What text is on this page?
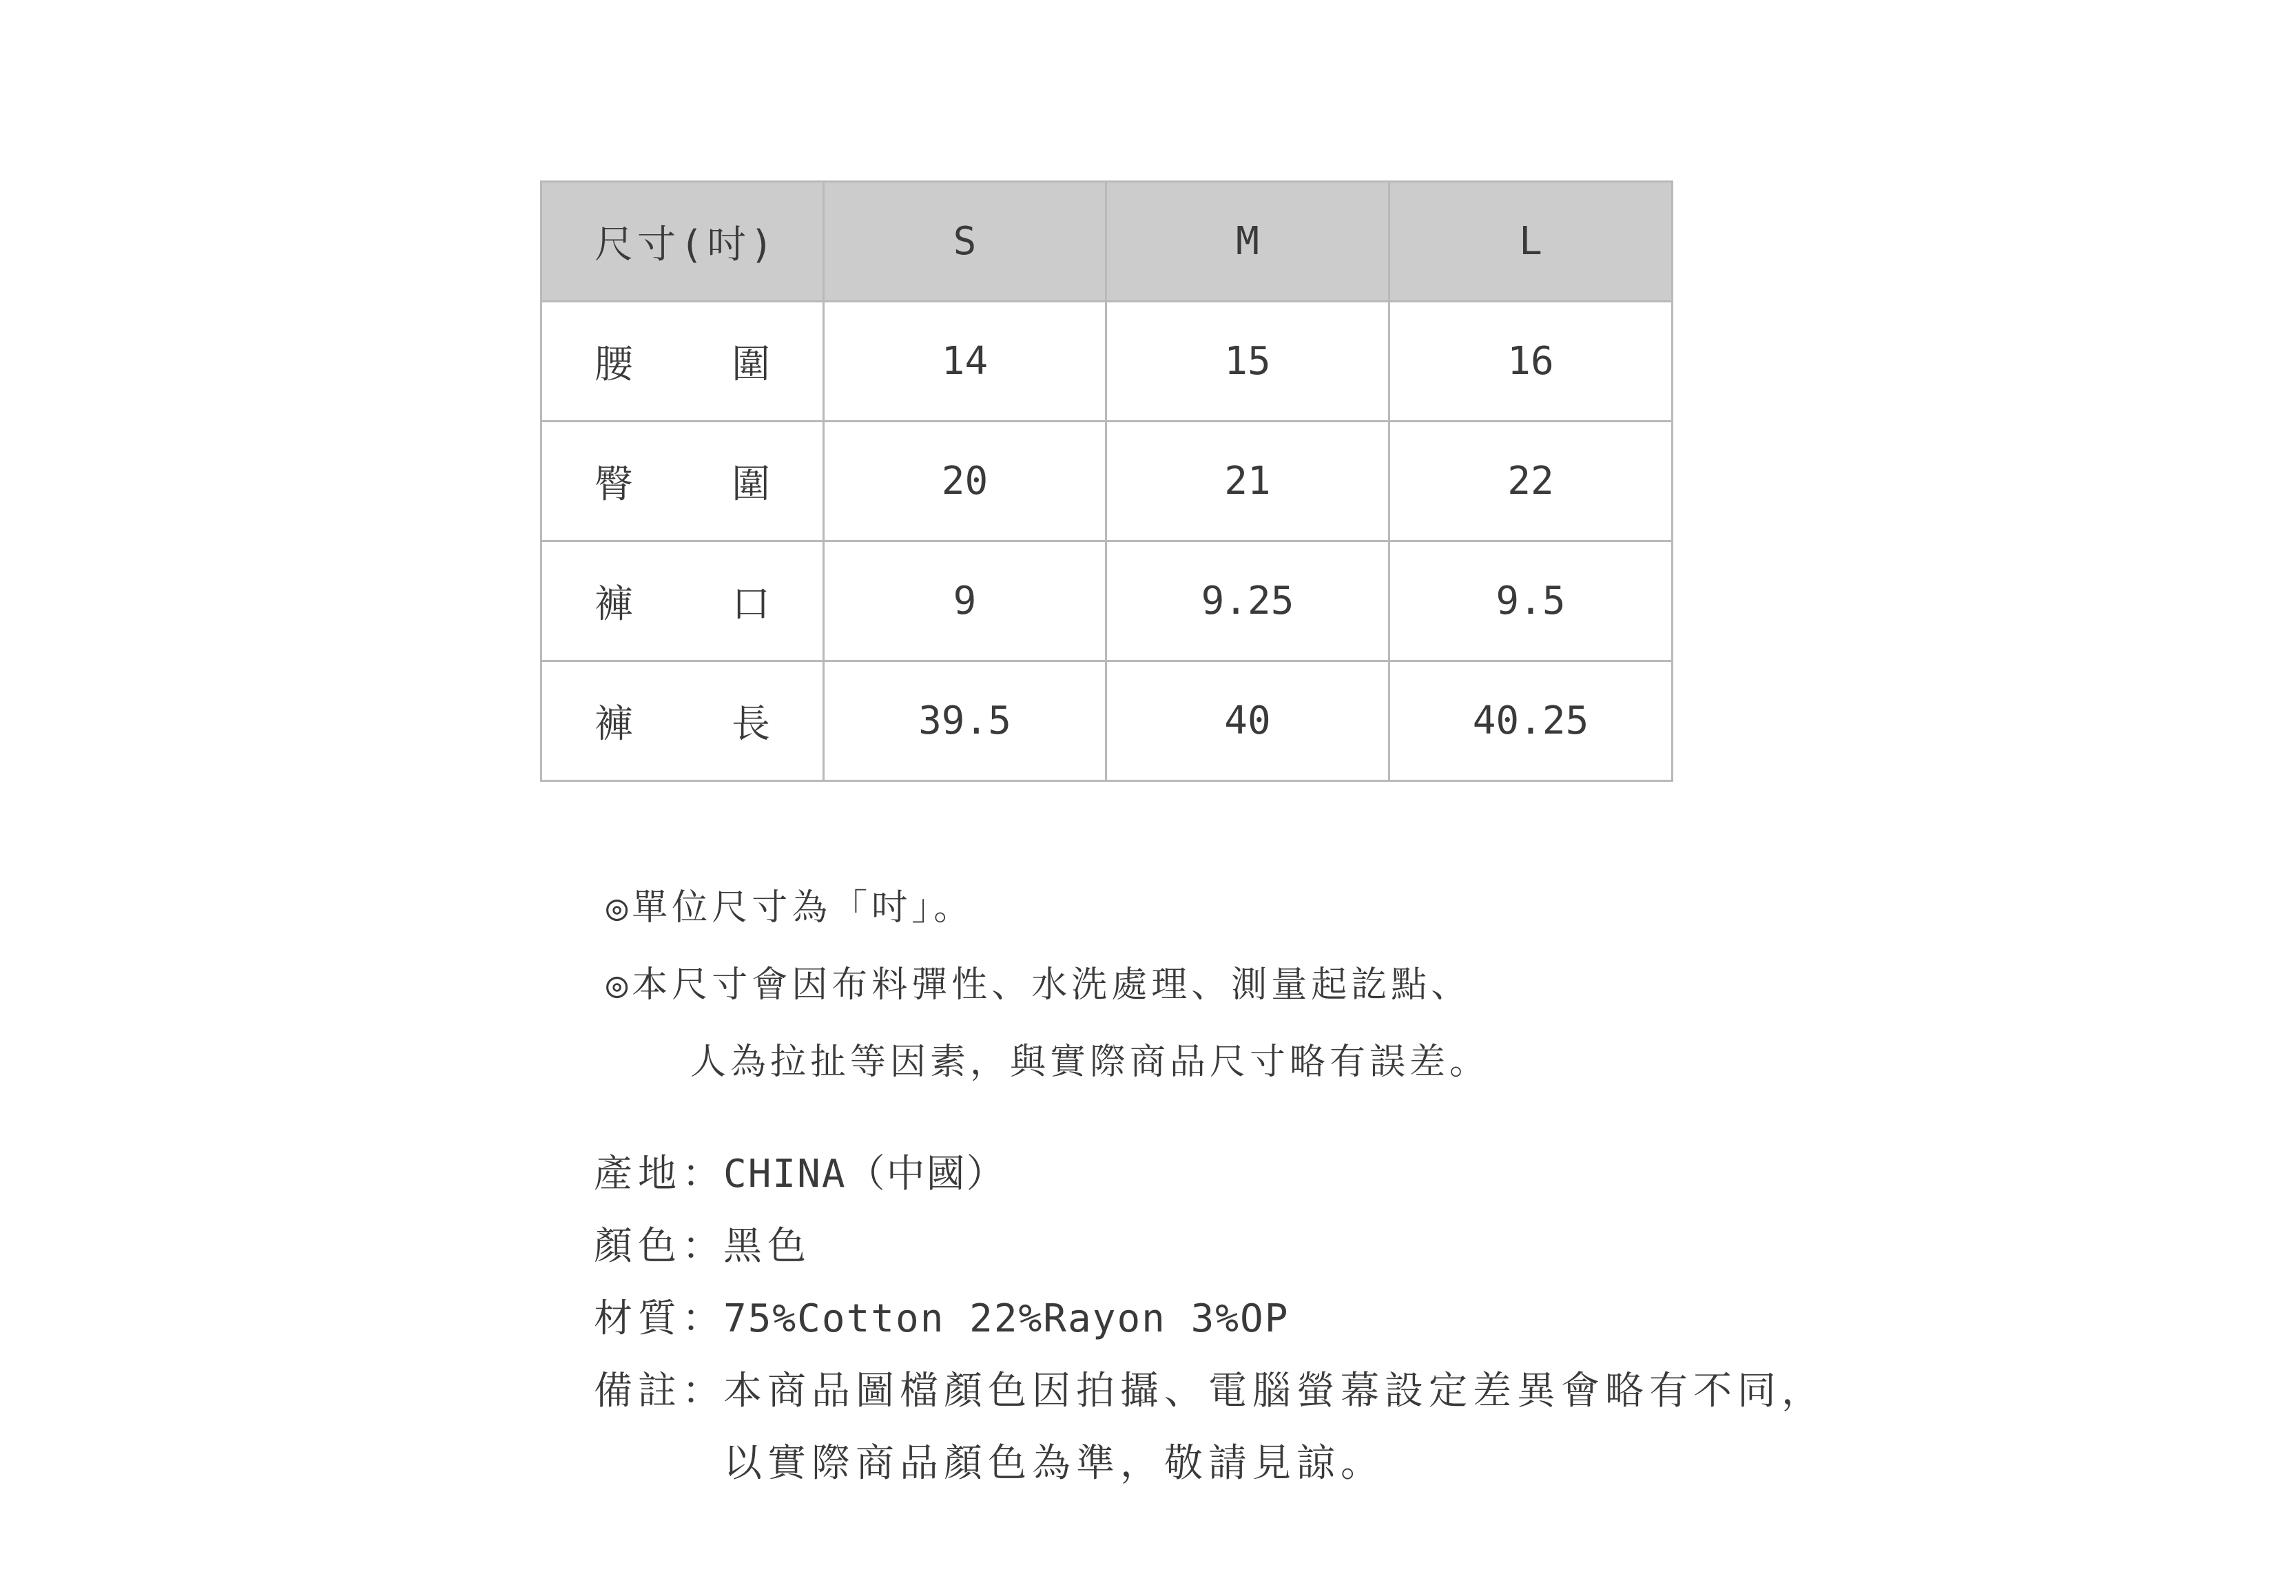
尺寸(吋)	S	M	L

腰 圍	14	15	16

臀 圍	20	21	22

褲 口	9	9.25	9.5

褲 長	39.5	40	40.25
◎單位尺寸為「吋」。
◎本尺寸會因布料彈性、水洗處理、測量起訖點、
人為拉扯等因素，與實際商品尺寸略有誤差。
產地：
CHINA（中國）
顏色：
黑色
材質：
75%Cotton 22%Rayon 3%OP
備註：
本商品圖檔顏色因拍攝、電腦螢幕設定差異會略有不同，
以實際商品顏色為準，敬請見諒。
